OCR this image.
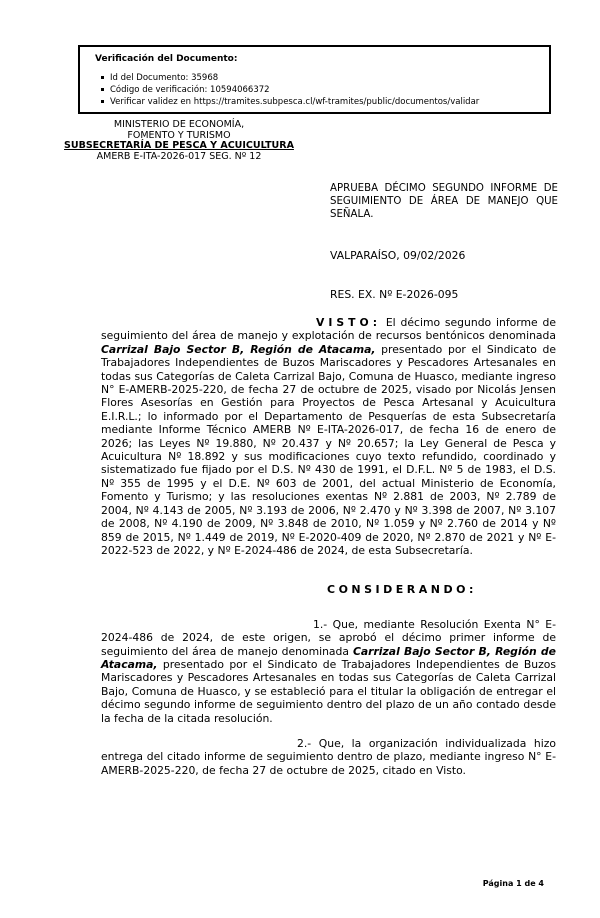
Verificación del Documento:
Id del Documento: 35968
Código de verificación: 10594066372
Verificar validez en https://tramites.subpesca.cl/wf-tramites/public/documentos/validar
MINISTERIO DE ECONOMÍA,
FOMENTO Y TURISMO
SUBSECRETARÍA DE PESCA Y ACUICULTURA
AMERB E-ITA-2026-017 SEG. Nº 12
APRUEBA DÉCIMO SEGUNDO INFORME DE SEGUIMIENTO DE ÁREA DE MANEJO QUE SEÑALA.
VALPARAÍSO, 09/02/2026
RES. EX. Nº E-2026-095

VISTO: El décimo segundo informe de seguimiento del área de manejo y explotación de recursos bentónicos denominada Carrizal Bajo Sector B, Región de Atacama, presentado por el Sindicato de Trabajadores Independientes de Buzos Mariscadores y Pescadores Artesanales en todas sus Categorías de Caleta Carrizal Bajo, Comuna de Huasco, mediante ingreso N° E-AMERB-2025-220, de fecha 27 de octubre de 2025, visado por Nicolás Jensen Flores Asesorías en Gestión para Proyectos de Pesca Artesanal y Acuicultura E.I.R.L.; lo informado por el Departamento de Pesquerías de esta Subsecretaría mediante Informe Técnico AMERB Nº E-ITA-2026-017, de fecha 16 de enero de 2026; las Leyes Nº 19.880, Nº 20.437 y Nº 20.657; la Ley General de Pesca y Acuicultura Nº 18.892 y sus modificaciones cuyo texto refundido, coordinado y sistematizado fue fijado por el D.S. Nº 430 de 1991, el D.F.L. Nº 5 de 1983, el D.S. Nº 355 de 1995 y el D.E. Nº 603 de 2001, del actual Ministerio de Economía, Fomento y Turismo; y las resoluciones exentas Nº 2.881 de 2003, Nº 2.789 de 2004, Nº 4.143 de 2005, Nº 3.193 de 2006, Nº 2.470 y Nº 3.398 de 2007, Nº 3.107 de 2008, Nº 4.190 de 2009, Nº 3.848 de 2010, Nº 1.059 y Nº 2.760 de 2014 y Nº 859 de 2015, Nº 1.449 de 2019, Nº E-2020-409 de 2020, Nº 2.870 de 2021 y Nº E-2022-523 de 2022, y Nº E-2024-486 de 2024, de esta Subsecretaría.

CONSIDERANDO:

1.- Que, mediante Resolución Exenta N° E-2024-486 de 2024, de este origen, se aprobó el décimo primer informe de seguimiento del área de manejo denominada Carrizal Bajo Sector B, Región de Atacama, presentado por el Sindicato de Trabajadores Independientes de Buzos Mariscadores y Pescadores Artesanales en todas sus Categorías de Caleta Carrizal Bajo, Comuna de Huasco, y se estableció para el titular la obligación de entregar el décimo segundo informe de seguimiento dentro del plazo de un año contado desde la fecha de la citada resolución.

2.- Que, la organización individualizada hizo entrega del citado informe de seguimiento dentro de plazo, mediante ingreso N° E-AMERB-2025-220, de fecha 27 de octubre de 2025, citado en Visto.

Página 1 de 4
